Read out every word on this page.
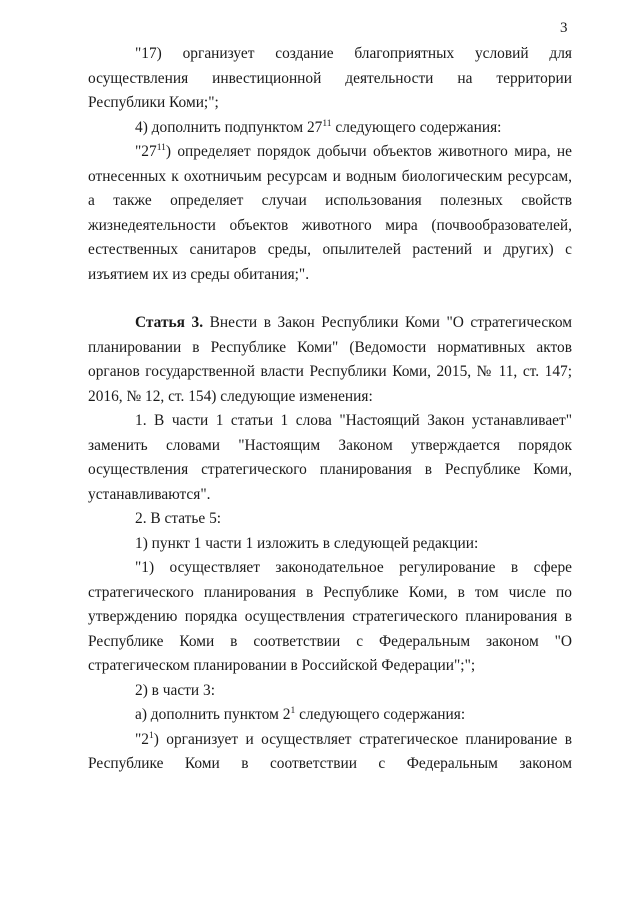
3

"17) организует создание благоприятных условий для

осуществления инвестиционной деятельности на территории Республики Коми;";

4) дополнить подпунктом $27^{11}$ следующего содержания:

"$27^{11}$) определяет порядок добычи объектов животного мира, не отнесенных к охотничьим ресурсам и водным биологическим ресурсам, а также определяет случаи использования полезных свойств жизнедеятельности объектов животного мира (почвообразователей, естественных санитаров среды, опылителей растений и других) с изъятием их из среды обитания;".

Статья 3. Внести в Закон Республики Коми "О стратегическом планировании в Республике Коми" (Ведомости нормативных актов органов государственной власти Республики Коми, 2015, № 11, ст. 147; 2016, № 12, ст. 154) следующие изменения:

1. В части 1 статьи 1 слова "Настоящий Закон устанавливает" заменить словами "Настоящим Законом утверждается порядок осуществления стратегического планирования в Республике Коми, устанавливаются".

2. В статье 5:

1) пункт 1 части 1 изложить в следующей редакции:

"1) осуществляет законодательное регулирование в сфере стратегического планирования в Республике Коми, в том числе по утверждению порядка осуществления стратегического планирования в Республике Коми в соответствии с Федеральным законом "О стратегическом планировании в Российской Федерации";";

2) в части 3:

а) дополнить пунктом $2^1$ следующего содержания:

"$2^1$) организует и осуществляет стратегическое планирование в Республике Коми в соответствии с Федеральным законом
